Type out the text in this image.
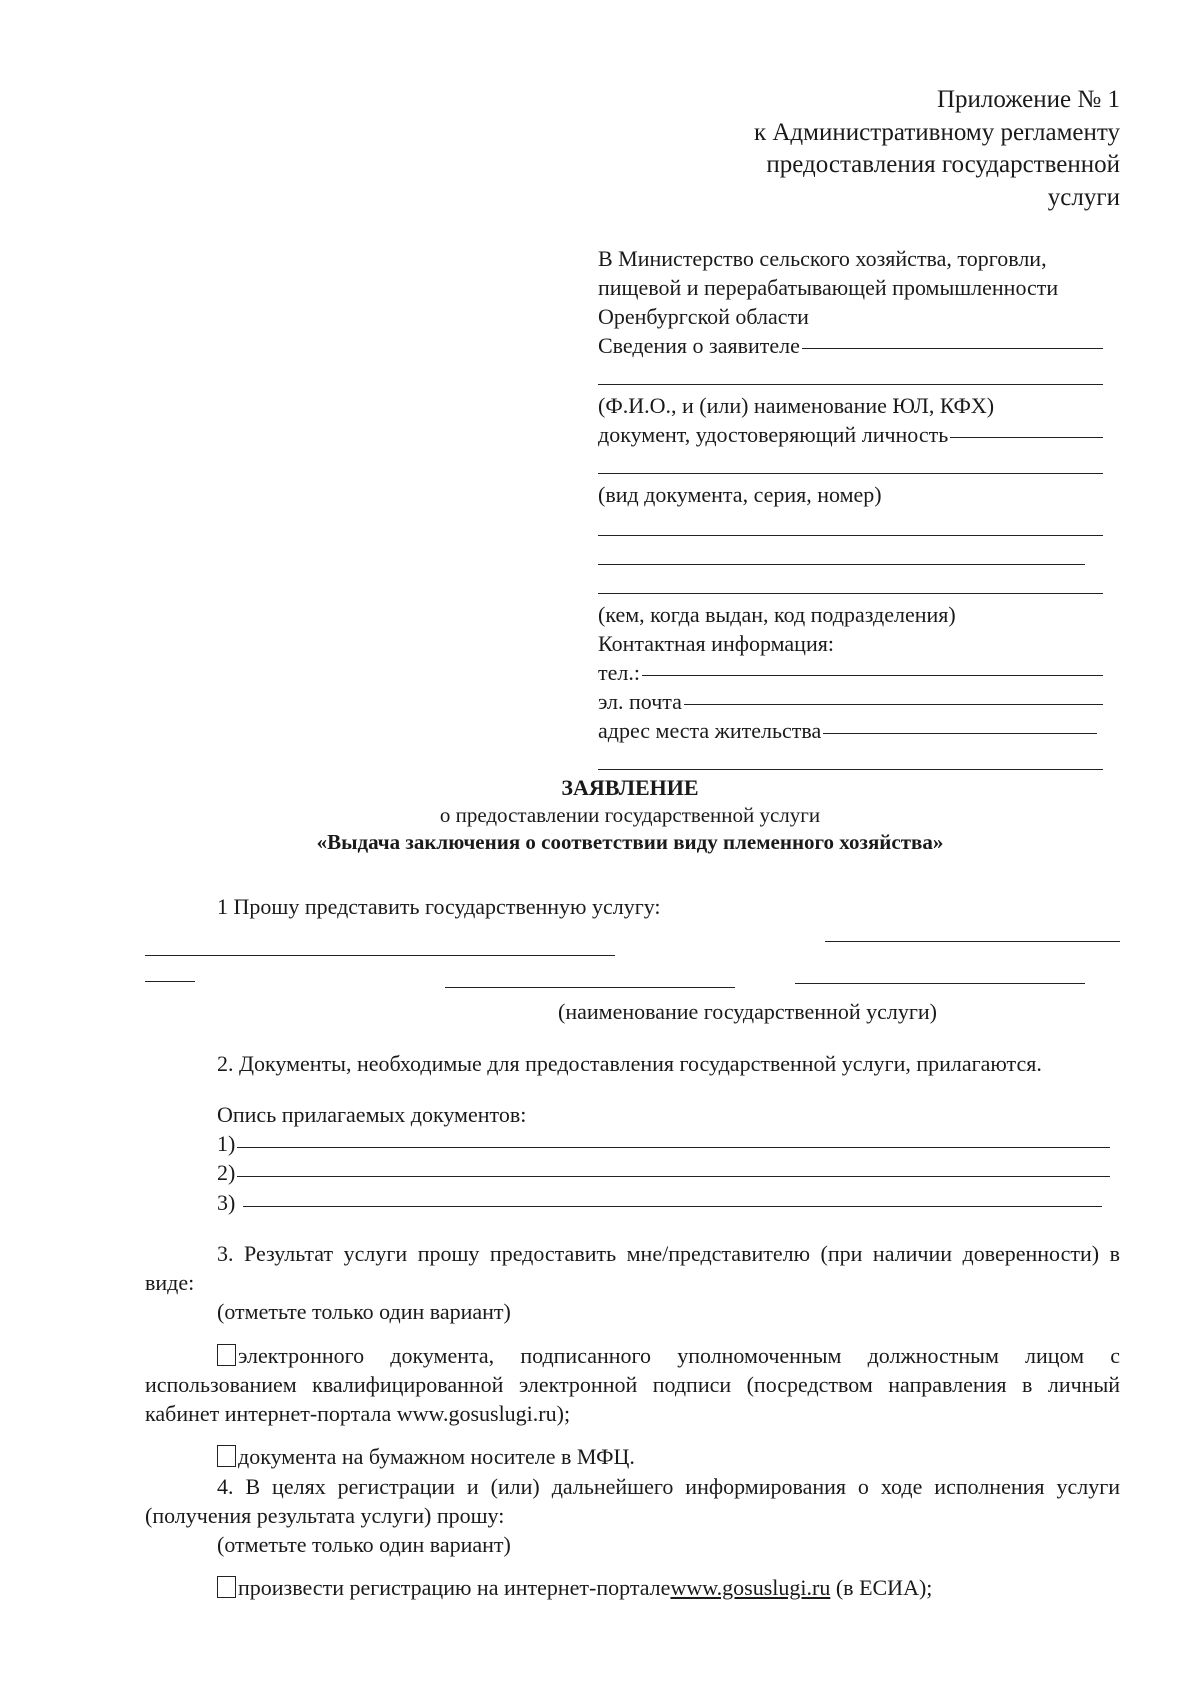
Приложение № 1
к Административному регламенту
предоставления государственной
услуги
В Министерство сельского хозяйства, торговли,
пищевой и перерабатывающей промышленности
Оренбургской области
Сведения о заявителе
(Ф.И.О., и (или) наименование ЮЛ, КФХ)
документ, удостоверяющий личность
(вид документа, серия, номер)
(кем, когда выдан, код подразделения)
Контактная информация:
тел.:
эл. почта
адрес места жительства
ЗАЯВЛЕНИЕ
о предоставлении государственной услуги
«Выдача заключения о соответствии виду племенного хозяйства»

1 Прошу представить государственную услугу:

(наименование государственной услуги)

2. Документы, необходимые для предоставления государственной услуги, прилагаются.

Опись прилагаемых документов:
1)
2)
3)

3. Результат услуги прошу предоставить мне/представителю (при наличии доверенности) в виде:

(отметьте только один вариант)

электронного документа, подписанного уполномоченным должностным лицом с использованием квалифицированной электронной подписи (посредством направления в личный кабинет интернет-портала www.gosuslugi.ru);

документа на бумажном носителе в МФЦ.

4. В целях регистрации и (или) дальнейшего информирования о ходе исполнения услуги (получения результата услуги) прошу:

(отметьте только один вариант)

произвести регистрацию на интернет-порталеwww.gosuslugi.ru (в ЕСИА);
